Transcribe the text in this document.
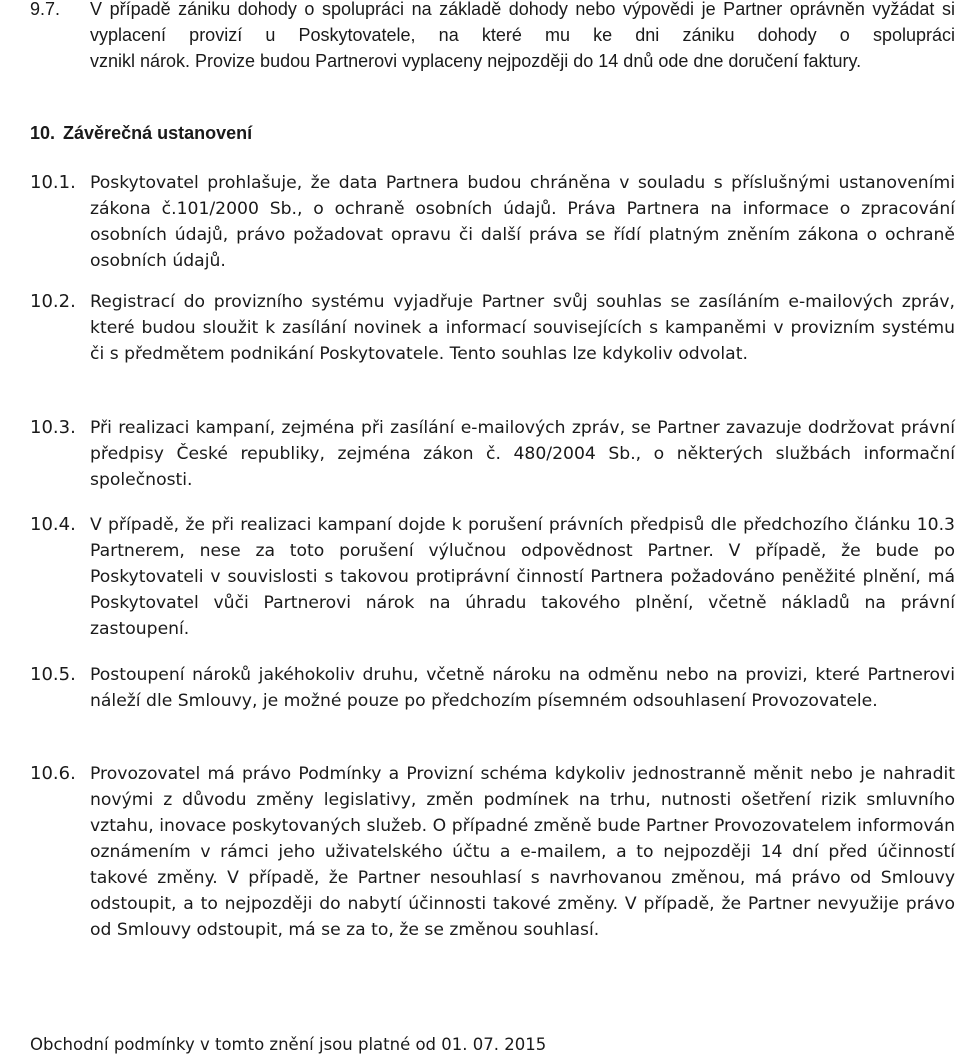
9.7. V případě zániku dohody o spolupráci na základě dohody nebo výpovědi je Partner oprávněn vyžádat si vyplacení provizí u Poskytovatele, na které mu ke dni zániku dohody o spolupráci
vznikl nárok. Provize budou Partnerovi vyplaceny nejpozději do 14 dnů ode dne doručení faktury.
10. Závěrečná ustanovení
10.1. Poskytovatel prohlašuje, že data Partnera budou chráněna v souladu s příslušnými ustanoveními zákona č.101/2000 Sb., o ochraně osobních údajů. Práva Partnera na informace o zpracování osobních údajů, právo požadovat opravu či další práva se řídí platným zněním zákona o ochraně osobních údajů.
10.2. Registrací do provizního systému vyjadřuje Partner svůj souhlas se zasíláním e-mailových zpráv, které budou sloužit k zasílání novinek a informací souvisejících s kampaněmi v provizním systému či s předmětem podnikání Poskytovatele. Tento souhlas lze kdykoliv odvolat.
10.3. Při realizaci kampaní, zejména při zasílání e-mailových zpráv, se Partner zavazuje dodržovat právní předpisy České republiky, zejména zákon č. 480/2004 Sb., o některých službách informační společnosti.
10.4. V případě, že při realizaci kampaní dojde k porušení právních předpisů dle předchozího článku 10.3 Partnerem, nese za toto porušení výlučnou odpovědnost Partner. V případě, že bude po Poskytovateli v souvislosti s takovou protiprávní činností Partnera požadováno peněžité plnění, má Poskytovatel vůči Partnerovi nárok na úhradu takového plnění, včetně nákladů na právní zastoupení.
10.5. Postoupení nároků jakéhokoliv druhu, včetně nároku na odměnu nebo na provizi, které Partnerovi náleží dle Smlouvy, je možné pouze po předchozím písemném odsouhlasení Provozovatele.
10.6. Provozovatel má právo Podmínky a Provizní schéma kdykoliv jednostranně měnit nebo je nahradit novými z důvodu změny legislativy, změn podmínek na trhu, nutnosti ošetření rizik smluvního vztahu, inovace poskytovaných služeb. O případné změně bude Partner Provozovatelem informován oznámením v rámci jeho uživatelského účtu a e-mailem, a to nejpozději 14 dní před účinností takové změny. V případě, že Partner nesouhlasí s navrhovanou změnou, má právo od Smlouvy odstoupit, a to nejpozději do nabytí účinnosti takové změny. V případě, že Partner nevyužije právo od Smlouvy odstoupit, má se za to, že se změnou souhlasí.
Obchodní podmínky v tomto znění jsou platné od 01. 07. 2015
